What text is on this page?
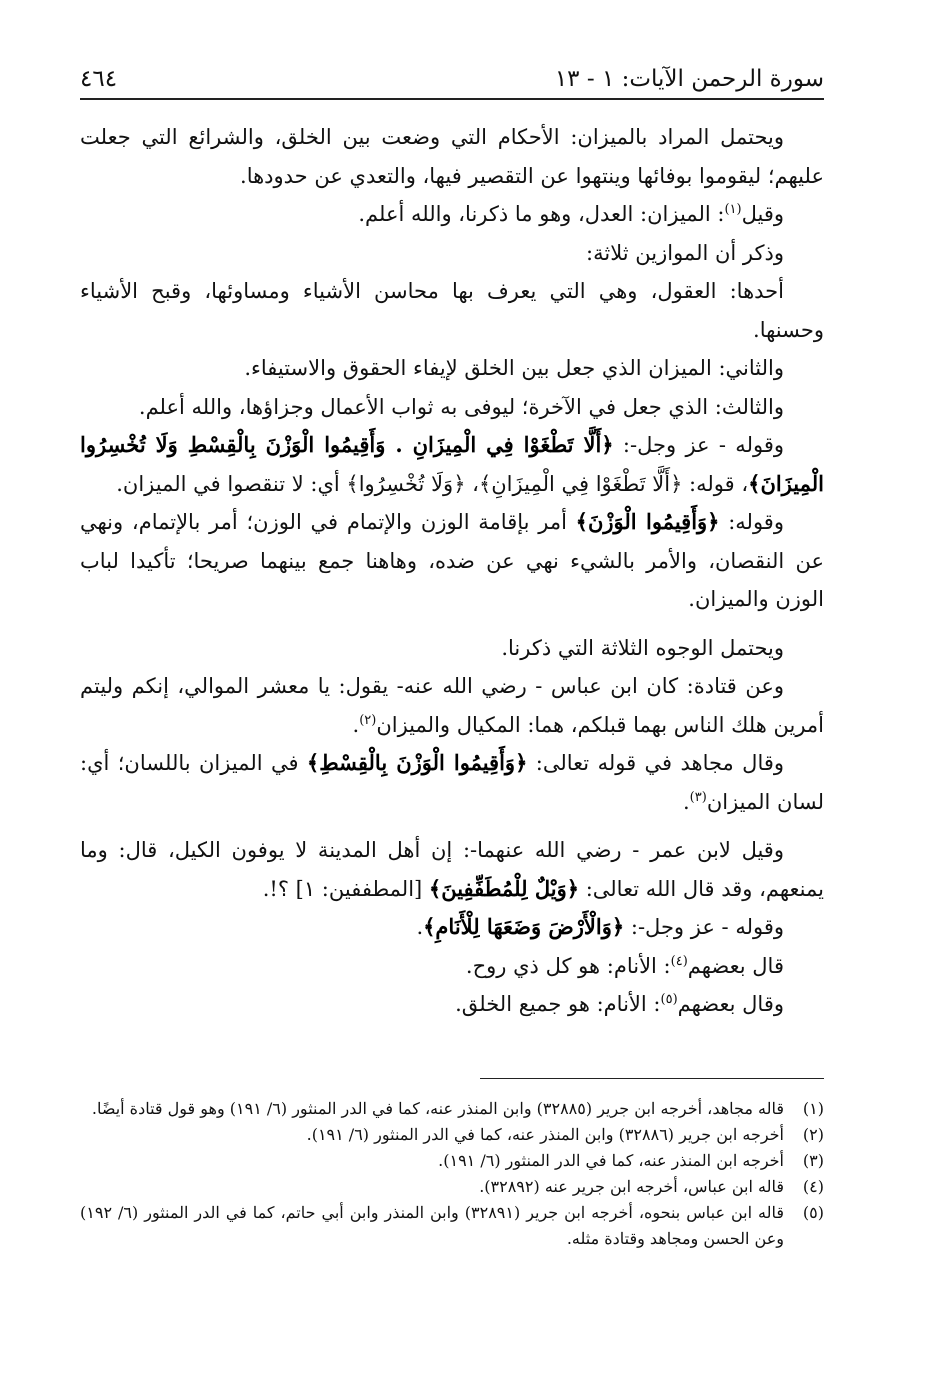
سورة الرحمن الآيات: ١ - ١٣
٤٦٤

ويحتمل المراد بالميزان: الأحكام التي وضعت بين الخلق، والشرائع التي جعلت عليهم؛ ليقوموا بوفائها وينتهوا عن التقصير فيها، والتعدي عن حدودها.

وقيل$^{(١)}$: الميزان: العدل، وهو ما ذكرنا، والله أعلم.

وذكر أن الموازين ثلاثة:

أحدها: العقول، وهي التي يعرف بها محاسن الأشياء ومساوئها، وقبح الأشياء وحسنها.

والثاني: الميزان الذي جعل بين الخلق لإيفاء الحقوق والاستيفاء.

والثالث: الذي جعل في الآخرة؛ ليوفى به ثواب الأعمال وجزاؤها، والله أعلم.

وقوله - عز وجل-: ﴿أَلَّا تَطْغَوْا فِي الْمِيزَانِ . وَأَقِيمُوا الْوَزْنَ بِالْقِسْطِ وَلَا تُخْسِرُوا الْمِيزَانَ﴾، قوله: ﴿أَلَّا تَطْغَوْا فِي الْمِيزَانِ﴾، ﴿وَلَا تُخْسِرُوا﴾ أي: لا تنقصوا في الميزان.

وقوله: ﴿وَأَقِيمُوا الْوَزْنَ﴾ أمر بإقامة الوزن والإتمام في الوزن؛ أمر بالإتمام، ونهي عن النقصان، والأمر بالشيء نهي عن ضده، وهاهنا جمع بينهما صريحا؛ تأكيدا لباب الوزن والميزان.

ويحتمل الوجوه الثلاثة التي ذكرنا.

وعن قتادة: كان ابن عباس - رضي الله عنه- يقول: يا معشر الموالي، إنكم وليتم أمرين هلك الناس بهما قبلكم، هما: المكيال والميزان$^{(٢)}$.

وقال مجاهد في قوله تعالى: ﴿وَأَقِيمُوا الْوَزْنَ بِالْقِسْطِ﴾ في الميزان باللسان؛ أي: لسان الميزان$^{(٣)}$.

وقيل لابن عمر - رضي الله عنهما-: إن أهل المدينة لا يوفون الكيل، قال: وما يمنعهم، وقد قال الله تعالى: ﴿وَيْلٌ لِلْمُطَفِّفِينَ﴾ [المطففين: ١] ؟!.

وقوله - عز وجل-: ﴿وَالْأَرْضَ وَضَعَهَا لِلْأَنَامِ﴾.

قال بعضهم$^{(٤)}$: الأنام: هو كل ذي روح.

وقال بعضهم$^{(٥)}$: الأنام: هو جميع الخلق.

(١)
قاله مجاهد، أخرجه ابن جرير (٣٢٨٨٥) وابن المنذر عنه، كما في الدر المنثور (٦/ ١٩١) وهو قول قتادة أيضًا.
(٢)
أخرجه ابن جرير (٣٢٨٨٦) وابن المنذر عنه، كما في الدر المنثور (٦/ ١٩١).
(٣)
أخرجه ابن المنذر عنه، كما في الدر المنثور (٦/ ١٩١).
(٤)
قاله ابن عباس، أخرجه ابن جرير عنه (٣٢٨٩٢).
(٥)
قاله ابن عباس بنحوه، أخرجه ابن جرير (٣٢٨٩١) وابن المنذر وابن أبي حاتم، كما في الدر المنثور (٦/ ١٩٢) وعن الحسن ومجاهد وقتادة مثله.
